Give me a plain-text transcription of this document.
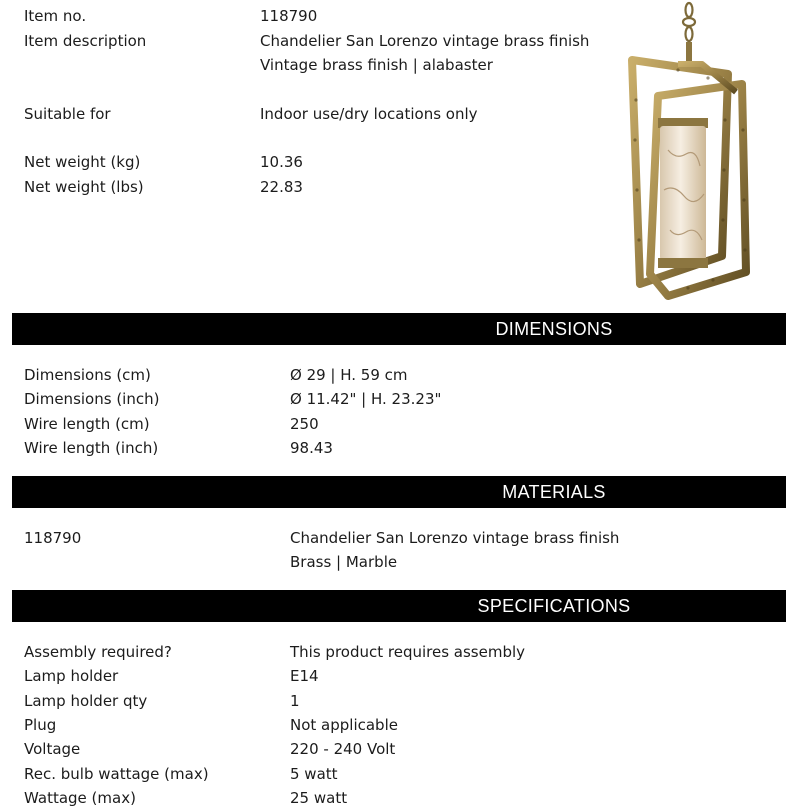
Item no.	118790
Item description	Chandelier San Lorenzo vintage brass finish
Vintage brass finish | alabaster
Suitable for	Indoor use/dry locations only
Net weight (kg)	10.36
Net weight (lbs)	22.83
DIMENSIONS
Dimensions (cm)	Ø 29 | H. 59 cm
Dimensions (inch)	Ø 11.42" | H. 23.23"
Wire length (cm)	250
Wire length (inch)	98.43
MATERIALS
118790	Chandelier San Lorenzo vintage brass finish
Brass | Marble
SPECIFICATIONS
Assembly required?	This product requires assembly
Lamp holder	E14
Lamp holder qty	1
Plug	Not applicable
Voltage	220 - 240 Volt
Rec. bulb wattage (max)	5 watt
Wattage (max)	25 watt
